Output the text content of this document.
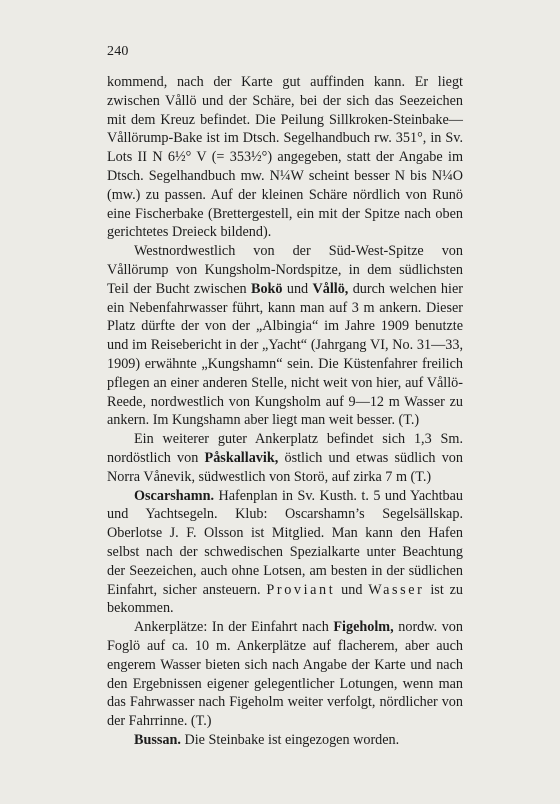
240

kommend, nach der Karte gut auffinden kann. Er liegt zwischen Vållö und der Schäre, bei der sich das Seezeichen mit dem Kreuz befindet. Die Peilung Sillkroken-Steinbake—Vållörump-Bake ist im Dtsch. Segelhandbuch rw. 351°, in Sv. Lots II N 6½° V (= 353½°) angegeben, statt der Angabe im Dtsch. Segelhandbuch mw. N¼W scheint besser N bis N¼O (mw.) zu passen. Auf der kleinen Schäre nördlich von Runö eine Fischerbake (Brettergestell, ein mit der Spitze nach oben gerichtetes Dreieck bildend).

Westnordwestlich von der Süd-West-Spitze von Vållörump von Kungsholm-Nordspitze, in dem südlichsten Teil der Bucht zwischen Bokö und Vållö, durch welchen hier ein Nebenfahrwasser führt, kann man auf 3 m ankern. Dieser Platz dürfte der von der „Albingia“ im Jahre 1909 benutzte und im Reisebericht in der „Yacht“ (Jahrgang VI, No. 31—33, 1909) erwähnte „Kungshamn“ sein. Die Küstenfahrer freilich pflegen an einer anderen Stelle, nicht weit von hier, auf Vållö-Reede, nordwestlich von Kungsholm auf 9—12 m Wasser zu ankern. Im Kungshamn aber liegt man weit besser. (T.)

Ein weiterer guter Ankerplatz befindet sich 1,3 Sm. nordöstlich von Påskallavik, östlich und etwas südlich von Norra Vånevik, südwestlich von Storö, auf zirka 7 m (T.)

Oscarshamn. Hafenplan in Sv. Kusth. t. 5 und Yachtbau und Yachtsegeln. Klub: Oscarshamn’s Segelsällskap. Oberlotse J. F. Olsson ist Mitglied. Man kann den Hafen selbst nach der schwedischen Spezialkarte unter Beachtung der Seezeichen, auch ohne Lotsen, am besten in der südlichen Einfahrt, sicher ansteuern. Proviant und Wasser ist zu bekommen.

Ankerplätze: In der Einfahrt nach Figeholm, nordw. von Foglö auf ca. 10 m. Ankerplätze auf flacherem, aber auch engerem Wasser bieten sich nach Angabe der Karte und nach den Ergebnissen eigener gelegentlicher Lotungen, wenn man das Fahrwasser nach Figeholm weiter verfolgt, nördlicher von der Fahrrinne. (T.)

Bussan. Die Steinbake ist eingezogen worden.
